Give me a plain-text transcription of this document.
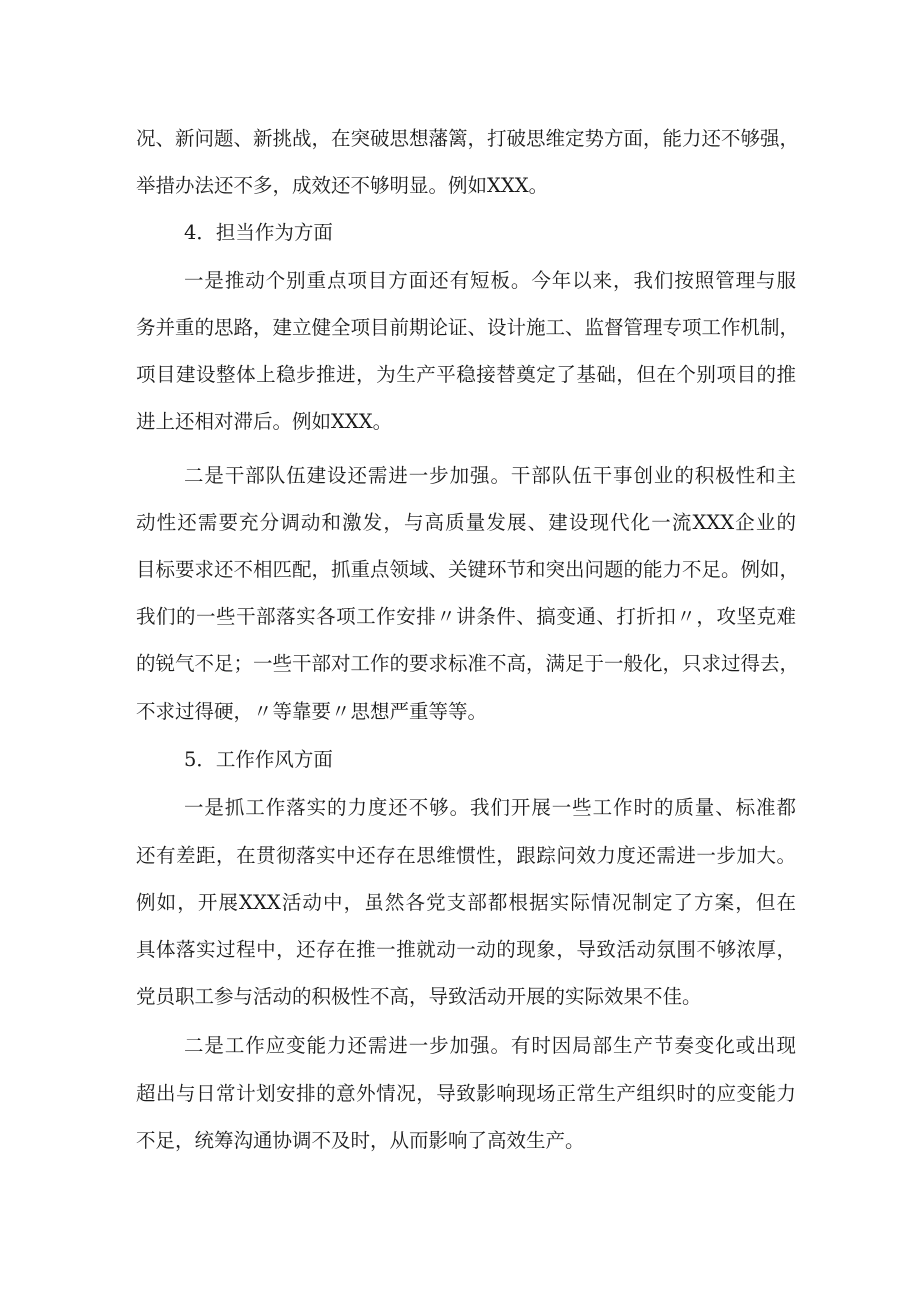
况、新问题、新挑战，在突破思想藩篱，打破思维定势方面，能力还不够强，
举措办法还不多，成效还不够明显。例如XXX。
4．担当作为方面
一是推动个别重点项目方面还有短板。今年以来，我们按照管理与服
务并重的思路，建立健全项目前期论证、设计施工、监督管理专项工作机制，
项目建设整体上稳步推进，为生产平稳接替奠定了基础，但在个别项目的推
进上还相对滞后。例如XXX。
二是干部队伍建设还需进一步加强。干部队伍干事创业的积极性和主
动性还需要充分调动和激发，与高质量发展、建设现代化一流XXX企业的
目标要求还不相匹配，抓重点领域、关键环节和突出问题的能力不足。例如，
我们的一些干部落实各项工作安排〃讲条件、搞变通、打折扣〃，攻坚克难
的锐气不足；一些干部对工作的要求标准不高，满足于一般化，只求过得去，
不求过得硬，〃等靠要〃思想严重等等。
5．工作作风方面
一是抓工作落实的力度还不够。我们开展一些工作时的质量、标准都
还有差距，在贯彻落实中还存在思维惯性，跟踪问效力度还需进一步加大。
例如，开展XXX活动中，虽然各党支部都根据实际情况制定了方案，但在
具体落实过程中，还存在推一推就动一动的现象，导致活动氛围不够浓厚，
党员职工参与活动的积极性不高，导致活动开展的实际效果不佳。
二是工作应变能力还需进一步加强。有时因局部生产节奏变化或出现
超出与日常计划安排的意外情况，导致影响现场正常生产组织时的应变能力
不足，统筹沟通协调不及时，从而影响了高效生产。
